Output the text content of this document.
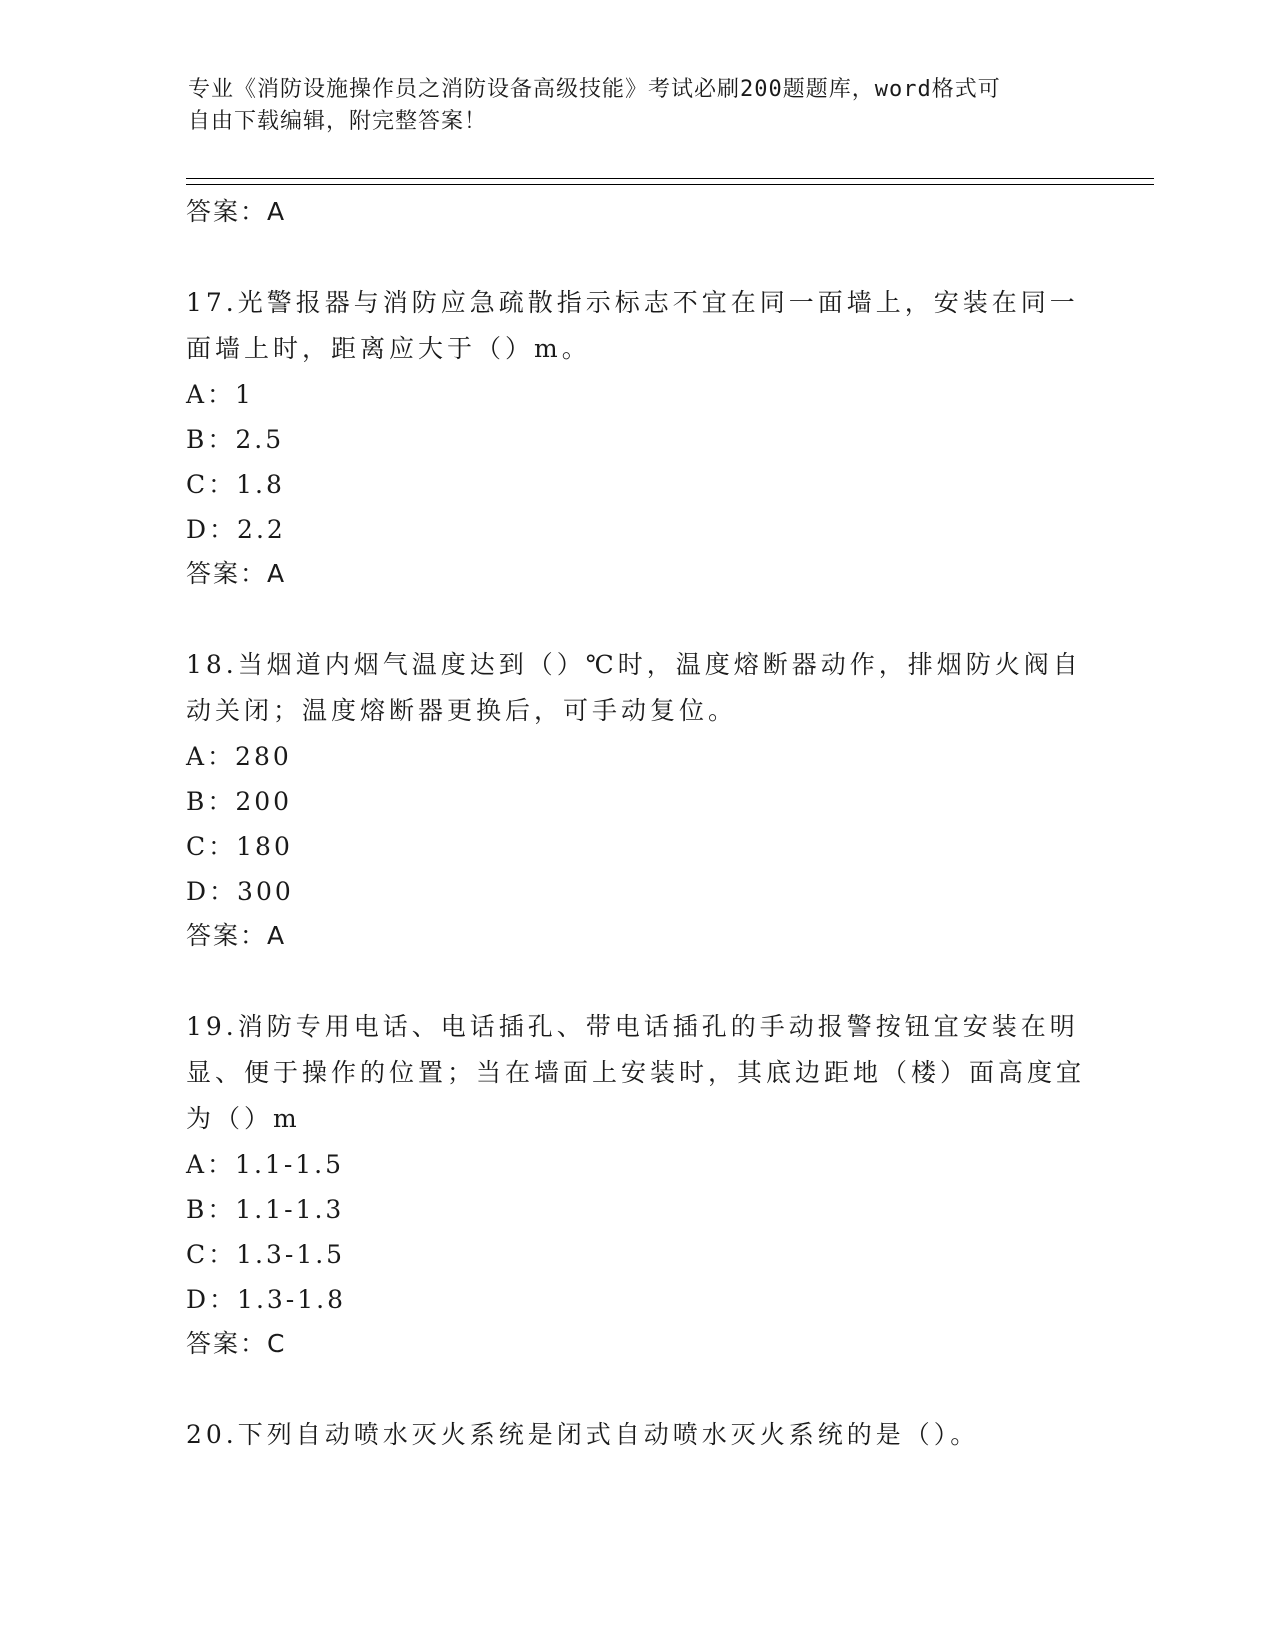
专业《消防设施操作员之消防设备高级技能》考试必刷200题题库，word格式可
自由下载编辑，附完整答案！
答案：A
17.光警报器与消防应急疏散指示标志不宜在同一面墙上，安装在同一面墙上时，距离应大于（）m。
A：1
B：2.5
C：1.8
D：2.2
答案：A
18.当烟道内烟气温度达到（）℃时，温度熔断器动作，排烟防火阀自动关闭；温度熔断器更换后，可手动复位。
A：280
B：200
C：180
D：300
答案：A
19.消防专用电话、电话插孔、带电话插孔的手动报警按钮宜安装在明显、便于操作的位置；当在墙面上安装时，其底边距地（楼）面高度宜为（）m
A：1.1-1.5
B：1.1-1.3
C：1.3-1.5
D：1.3-1.8
答案：C
20.下列自动喷水灭火系统是闭式自动喷水灭火系统的是（）。
